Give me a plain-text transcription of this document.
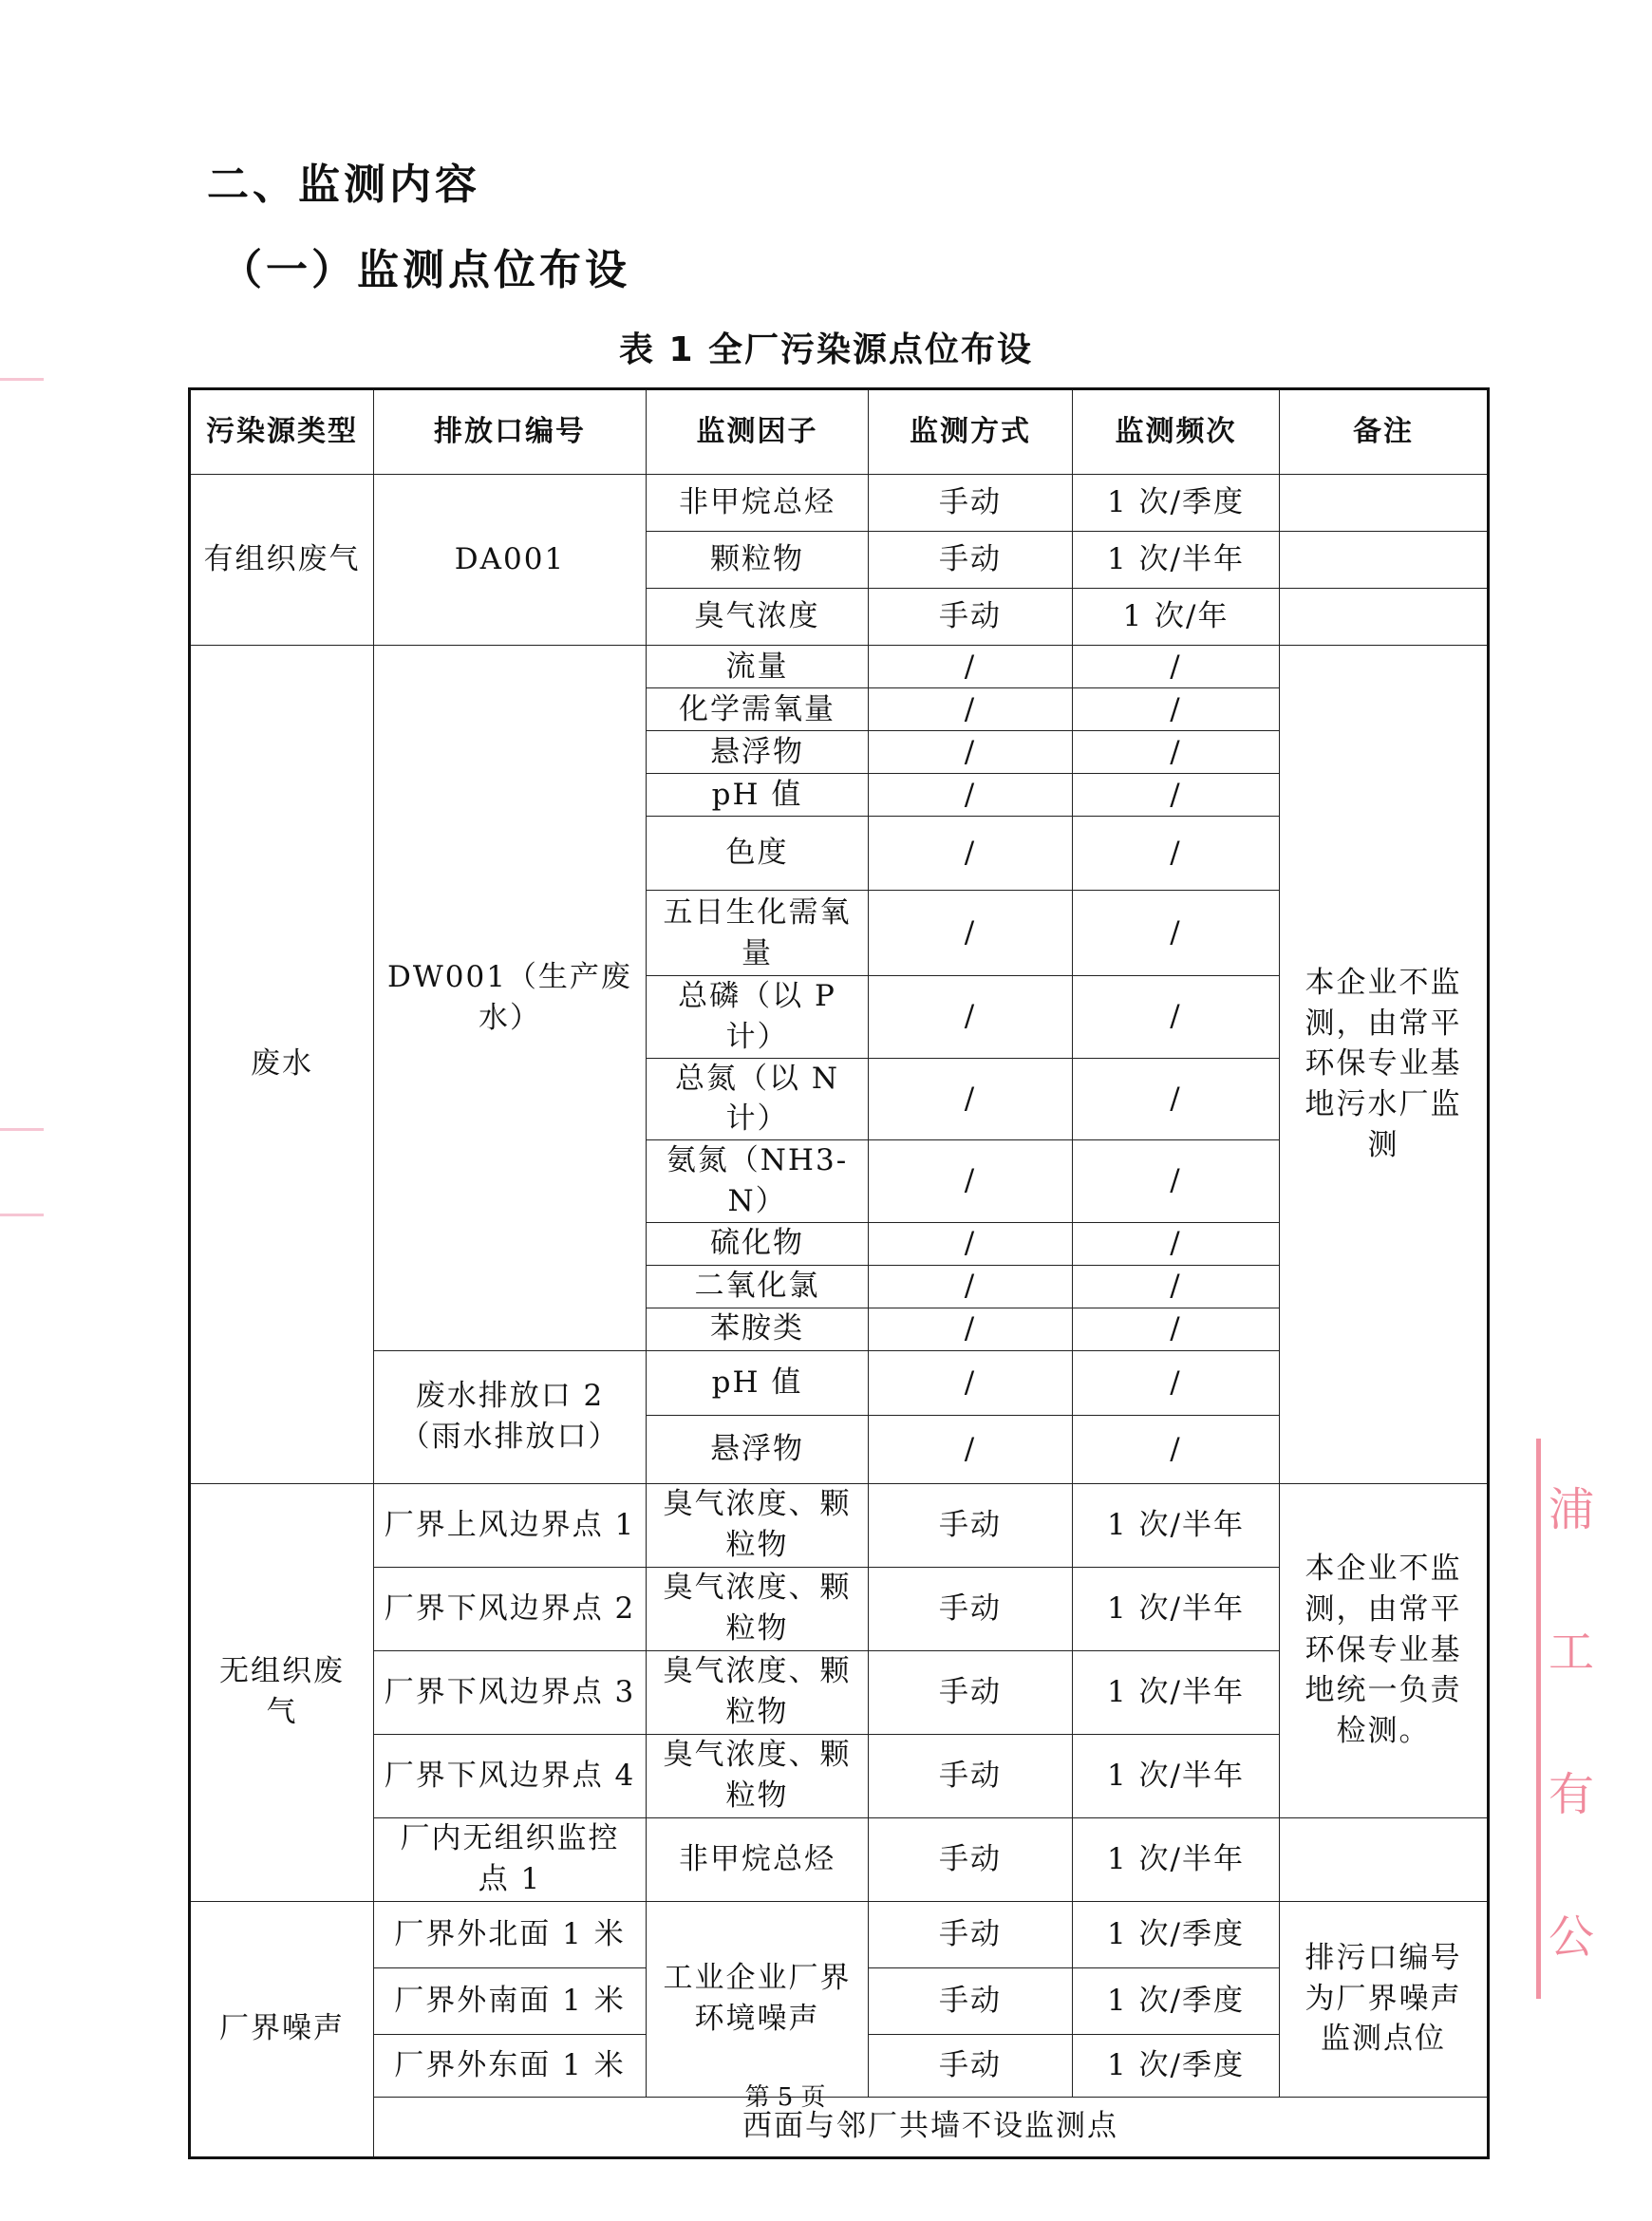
二、监测内容
（一）监测点位布设
表 1 全厂污染源点位布设
污染源类型	排放口编号	监测因子	监测方式	监测频次	备注
有组织废气	DA001	非甲烷总烃	手动	1 次/季度	
		颗粒物	手动	1 次/半年	
		臭气浓度	手动	1 次/年	
废水	DW001（生产废水）	流量	/	/	本企业不监测，由常平环保专业基地污水厂监测
		化学需氧量	/	/	
		悬浮物	/	/	
		pH 值	/	/	
		色度	/	/	
		五日生化需氧量	/	/	
		总磷（以 P 计）	/	/	
		总氮（以 N 计）	/	/	
		氨氮（NH3-N）	/	/	
		硫化物	/	/	
		二氧化氯	/	/	
		苯胺类	/	/	
	废水排放口 2（雨水排放口）	pH 值	/	/	
		悬浮物	/	/	
无组织废气	厂界上风边界点 1	臭气浓度、颗粒物	手动	1 次/半年	本企业不监测，由常平环保专业基地统一负责检测。
	厂界下风边界点 2	臭气浓度、颗粒物	手动	1 次/半年	
	厂界下风边界点 3	臭气浓度、颗粒物	手动	1 次/半年	
	厂界下风边界点 4	臭气浓度、颗粒物	手动	1 次/半年	
	厂内无组织监控点 1	非甲烷总烃	手动	1 次/半年	
厂界噪声	厂界外北面 1 米	工业企业厂界环境噪声	手动	1 次/季度	排污口编号为厂界噪声监测点位
	厂界外南面 1 米		手动	1 次/季度	
	厂界外东面 1 米		手动	1 次/季度	
	西面与邻厂共墙不设监测点				
第 5 页
浦 工 有 公
